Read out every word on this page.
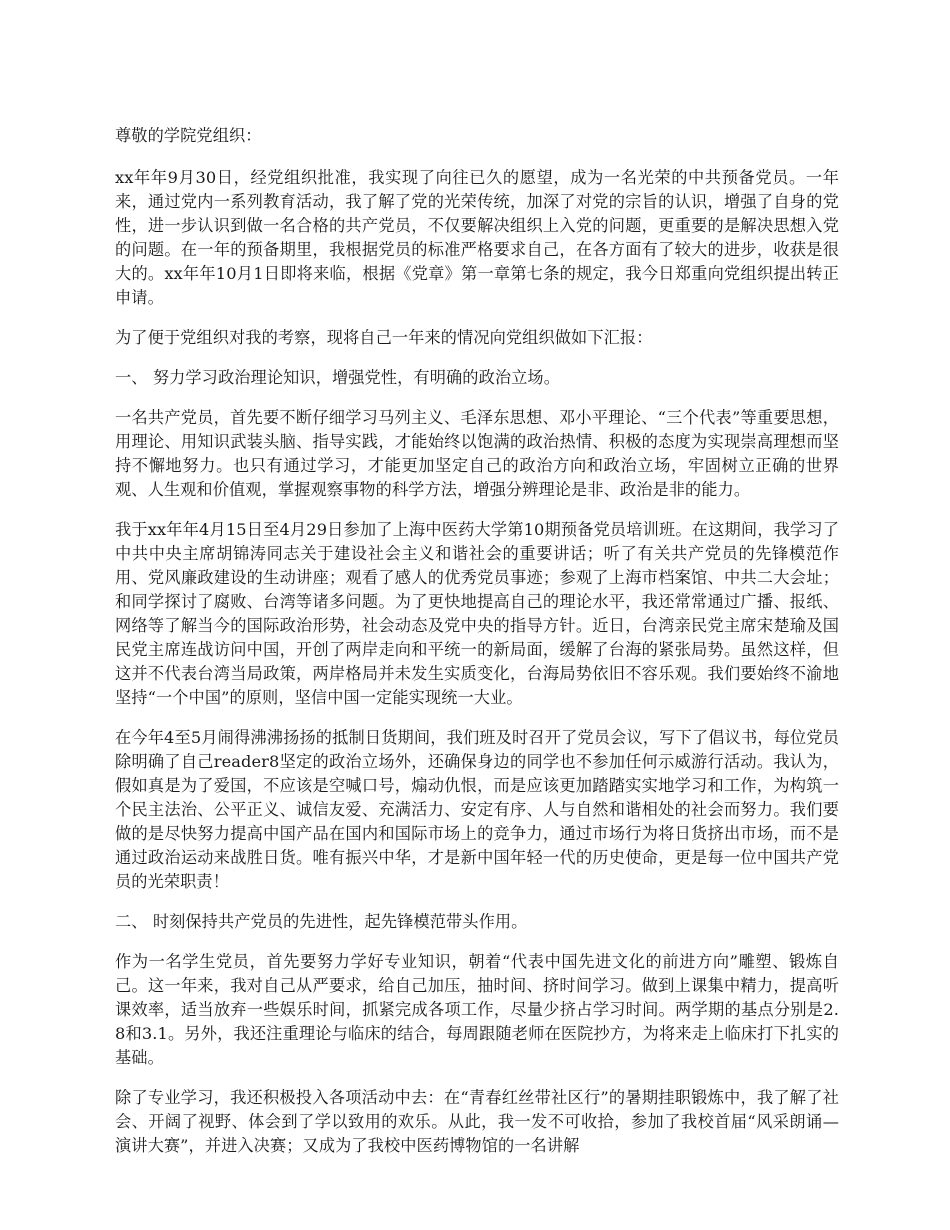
尊敬的学院党组织：

xx年年9月30日，经党组织批准，我实现了向往已久的愿望，成为一名光荣的中共预备党员。一年来，通过党内一系列教育活动，我了解了党的光荣传统，加深了对党的宗旨的认识，增强了自身的党性，进一步认识到做一名合格的共产党员，不仅要解决组织上入党的问题，更重要的是解决思想入党的问题。在一年的预备期里，我根据党员的标准严格要求自己，在各方面有了较大的进步，收获是很大的。xx年年10月1日即将来临，根据《党章》第一章第七条的规定，我今日郑重向党组织提出转正申请。

为了便于党组织对我的考察，现将自己一年来的情况向党组织做如下汇报：

一、 努力学习政治理论知识，增强党性，有明确的政治立场。

一名共产党员，首先要不断仔细学习马列主义、毛泽东思想、邓小平理论、“三个代表”等重要思想，用理论、用知识武装头脑、指导实践，才能始终以饱满的政治热情、积极的态度为实现崇高理想而坚持不懈地努力。也只有通过学习，才能更加坚定自己的政治方向和政治立场，牢固树立正确的世界观、人生观和价值观，掌握观察事物的科学方法，增强分辨理论是非、政治是非的能力。

我于xx年年4月15日至4月29日参加了上海中医药大学第10期预备党员培训班。在这期间，我学习了中共中央主席胡锦涛同志关于建设社会主义和谐社会的重要讲话；听了有关共产党员的先锋模范作用、党风廉政建设的生动讲座；观看了感人的优秀党员事迹；参观了上海市档案馆、中共二大会址；和同学探讨了腐败、台湾等诸多问题。为了更快地提高自己的理论水平，我还常常通过广播、报纸、网络等了解当今的国际政治形势，社会动态及党中央的指导方针。近日，台湾亲民党主席宋楚瑜及国民党主席连战访问中国，开创了两岸走向和平统一的新局面，缓解了台海的紧张局势。虽然这样，但这并不代表台湾当局政策，两岸格局并未发生实质变化，台海局势依旧不容乐观。我们要始终不渝地坚持“一个中国”的原则，坚信中国一定能实现统一大业。

在今年4至5月闹得沸沸扬扬的抵制日货期间，我们班及时召开了党员会议，写下了倡议书，每位党员除明确了自己reader8坚定的政治立场外，还确保身边的同学也不参加任何示威游行活动。我认为，假如真是为了爱国，不应该是空喊口号，煽动仇恨，而是应该更加踏踏实实地学习和工作，为构筑一个民主法治、公平正义、诚信友爱、充满活力、安定有序、人与自然和谐相处的社会而努力。我们要做的是尽快努力提高中国产品在国内和国际市场上的竞争力，通过市场行为将日货挤出市场，而不是通过政治运动来战胜日货。唯有振兴中华，才是新中国年轻一代的历史使命，更是每一位中国共产党员的光荣职责！

二、 时刻保持共产党员的先进性，起先锋模范带头作用。

作为一名学生党员，首先要努力学好专业知识，朝着“代表中国先进文化的前进方向”雕塑、锻炼自己。这一年来，我对自己从严要求，给自己加压，抽时间、挤时间学习。做到上课集中精力，提高听课效率，适当放弃一些娱乐时间，抓紧完成各项工作，尽量少挤占学习时间。两学期的基点分别是2.8和3.1。另外，我还注重理论与临床的结合，每周跟随老师在医院抄方，为将来走上临床打下扎实的基础。

除了专业学习，我还积极投入各项活动中去：在“青春红丝带社区行”的暑期挂职锻炼中，我了解了社会、开阔了视野、体会到了学以致用的欢乐。从此，我一发不可收拾，参加了我校首届“风采朗诵—演讲大赛”，并进入决赛；又成为了我校中医药博物馆的一名讲解
